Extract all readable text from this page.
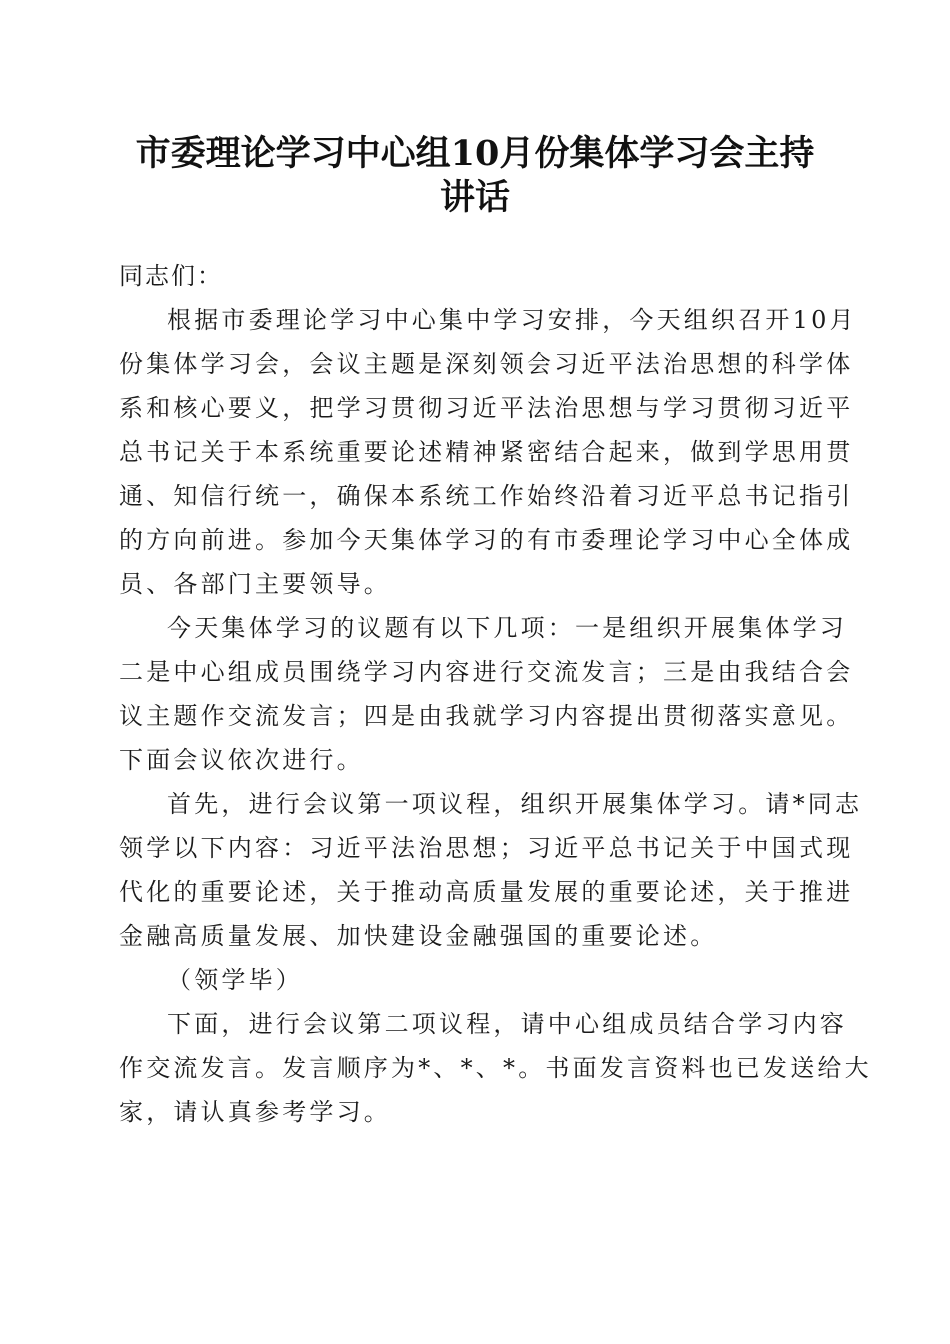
市委理论学习中心组10月份集体学习会主持
讲话

同志们：

根据市委理论学习中心集中学习安排，今天组织召开10月

份集体学习会，会议主题是深刻领会习近平法治思想的科学体
系和核心要义，把学习贯彻习近平法治思想与学习贯彻习近平
总书记关于本系统重要论述精神紧密结合起来，做到学思用贯
通、知信行统一，确保本系统工作始终沿着习近平总书记指引
的方向前进。参加今天集体学习的有市委理论学习中心全体成
员、各部门主要领导。

今天集体学习的议题有以下几项：一是组织开展集体学习

二是中心组成员围绕学习内容进行交流发言；三是由我结合会
议主题作交流发言；四是由我就学习内容提出贯彻落实意见。
下面会议依次进行。

首先，进行会议第一项议程，组织开展集体学习。请*同志

领学以下内容：习近平法治思想；习近平总书记关于中国式现
代化的重要论述，关于推动高质量发展的重要论述，关于推进
金融高质量发展、加快建设金融强国的重要论述。

（领学毕）

下面，进行会议第二项议程，请中心组成员结合学习内容

作交流发言。发言顺序为*、*、*。书面发言资料也已发送给大
家，请认真参考学习。
